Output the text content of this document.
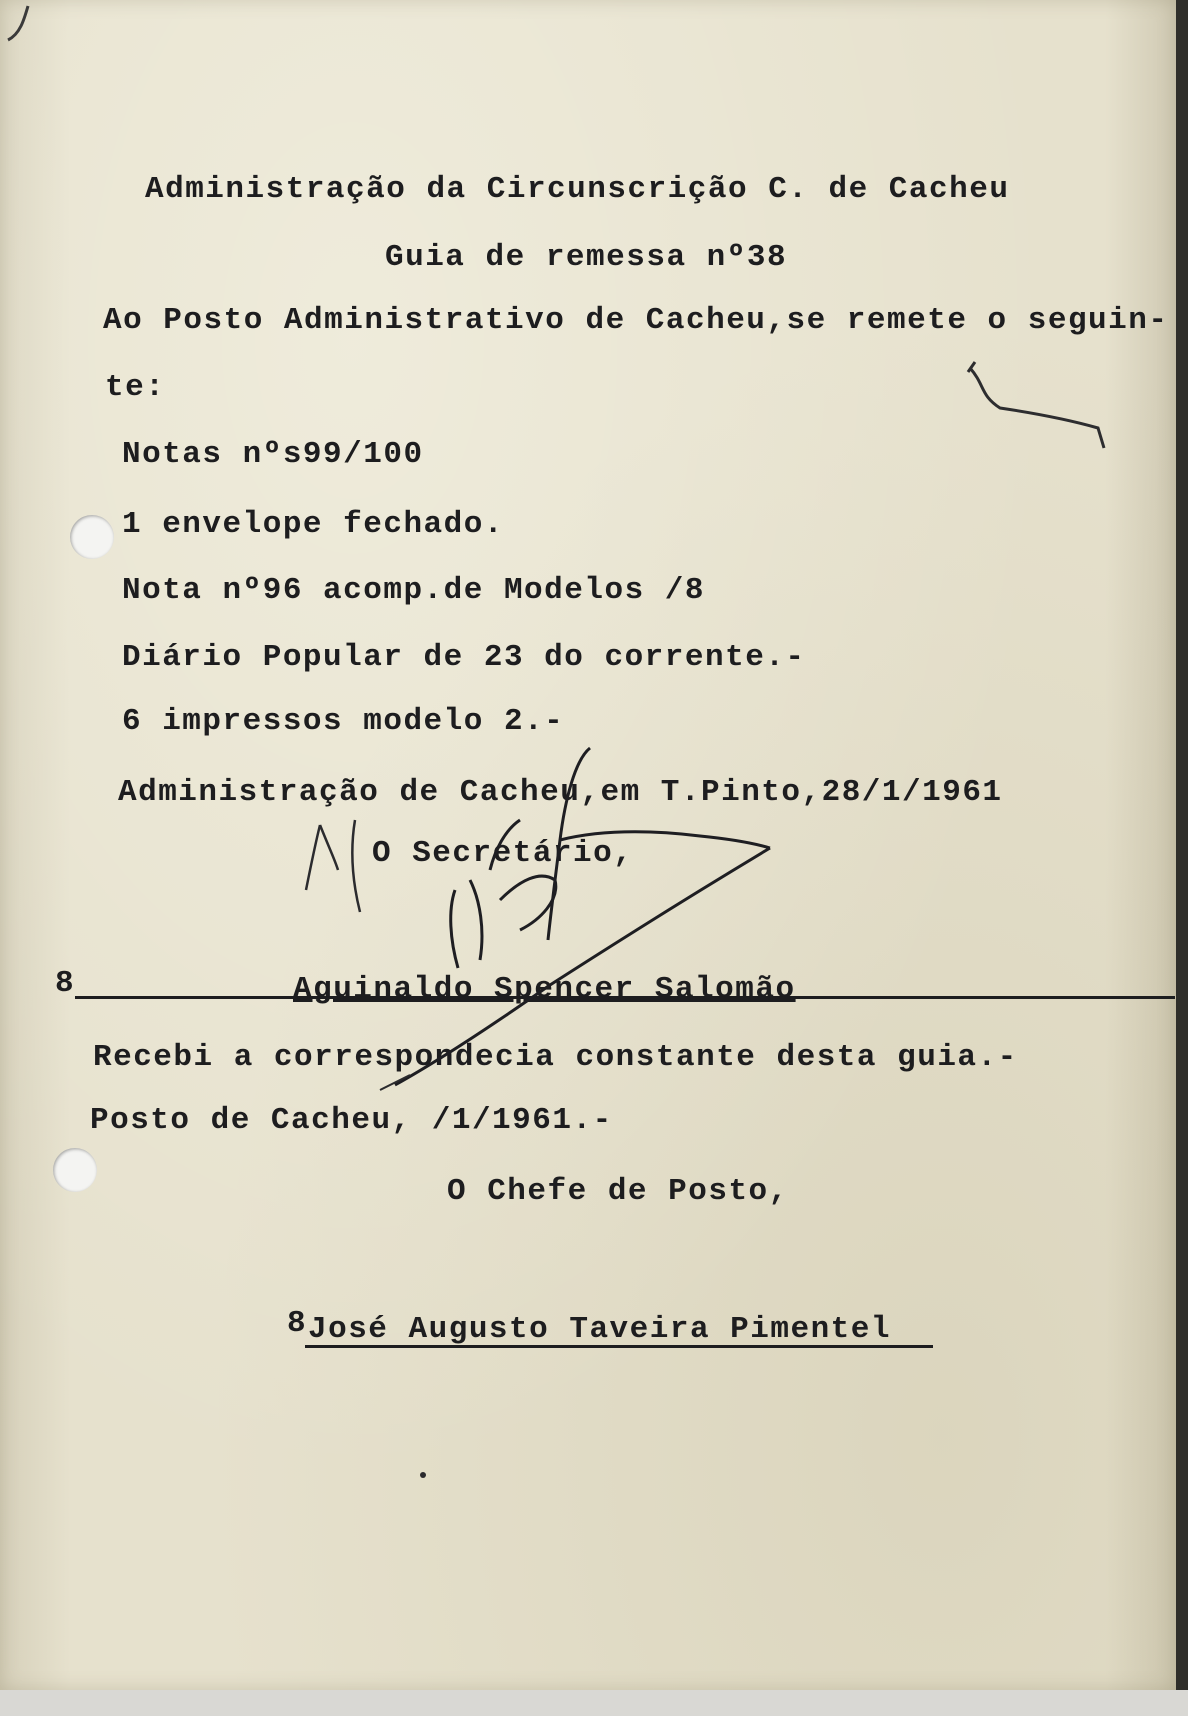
Administração da Circunscrição C. de Cacheu
Guia de remessa nº38
Ao Posto Administrativo de Cacheu,se remete o seguin-
te:
Notas nºs99/100
1 envelope fechado.
Nota nº96 acomp.de Modelos /8
Diário Popular de 23 do corrente.-
6 impressos modelo 2.-
Administração de Cacheu,em T.Pinto,28/1/1961
O Secretário,
8	Aguinaldo Spencer Salomão
Recebi a correspondecia constante desta guia.-
Posto de Cacheu, /1/1961.-
O Chefe de Posto,
8 José Augusto Taveira Pimentel
